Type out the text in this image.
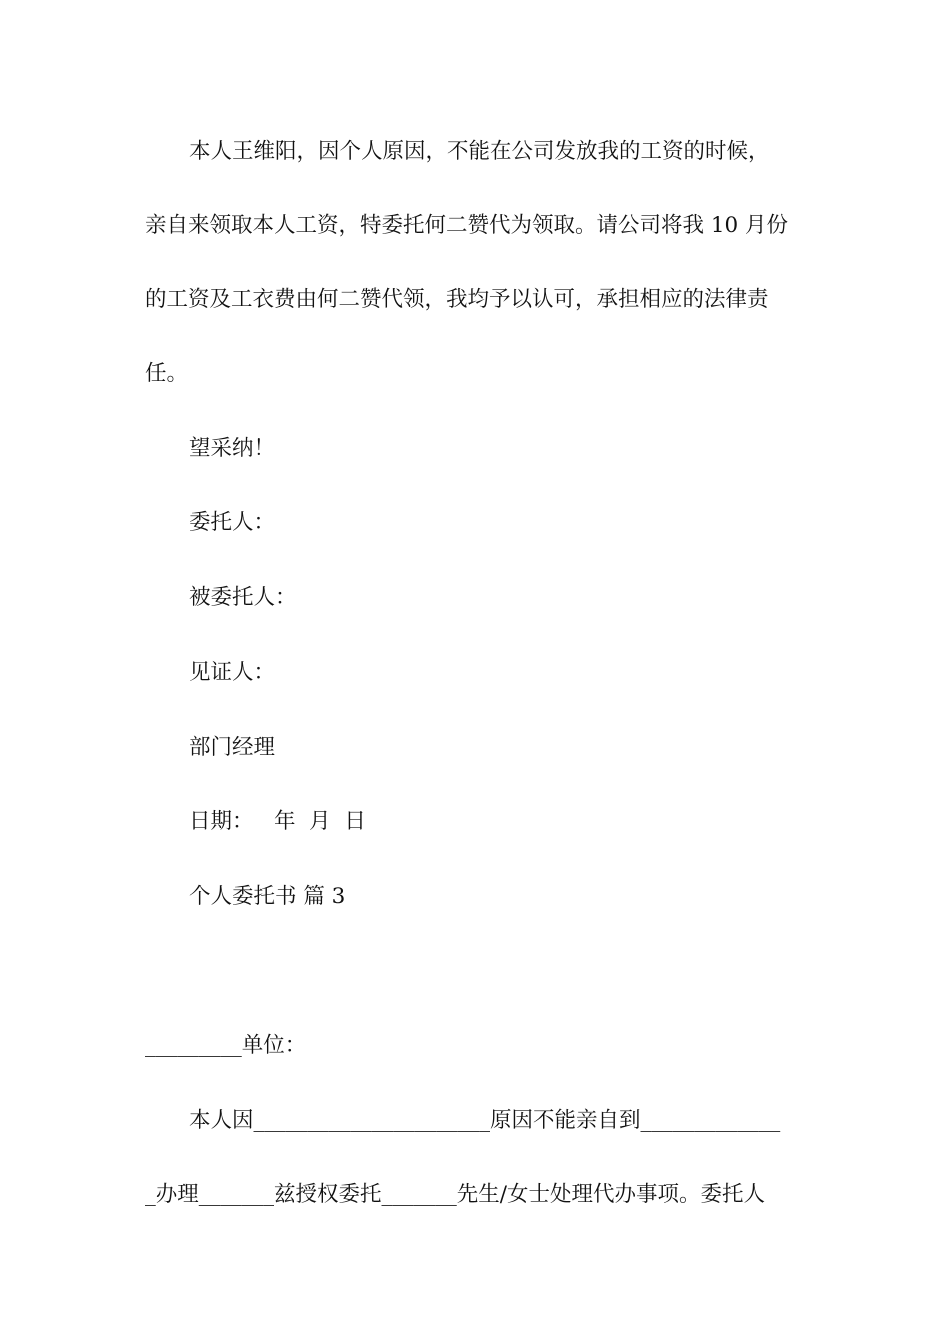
本人王维阳，因个人原因，不能在公司发放我的工资的时候，
亲自来领取本人工资，特委托何二赞代为领取。请公司将我 10 月份
的工资及工衣费由何二赞代领，我均予以认可，承担相应的法律责
任。
望采纳！
委托人：
被委托人：
见证人：
部门经理
日期：   年  月  日
个人委托书 篇 3
_________单位：
本人因______________________原因不能亲自到_____________
_办理_______兹授权委托_______先生/女士处理代办事项。委托人
